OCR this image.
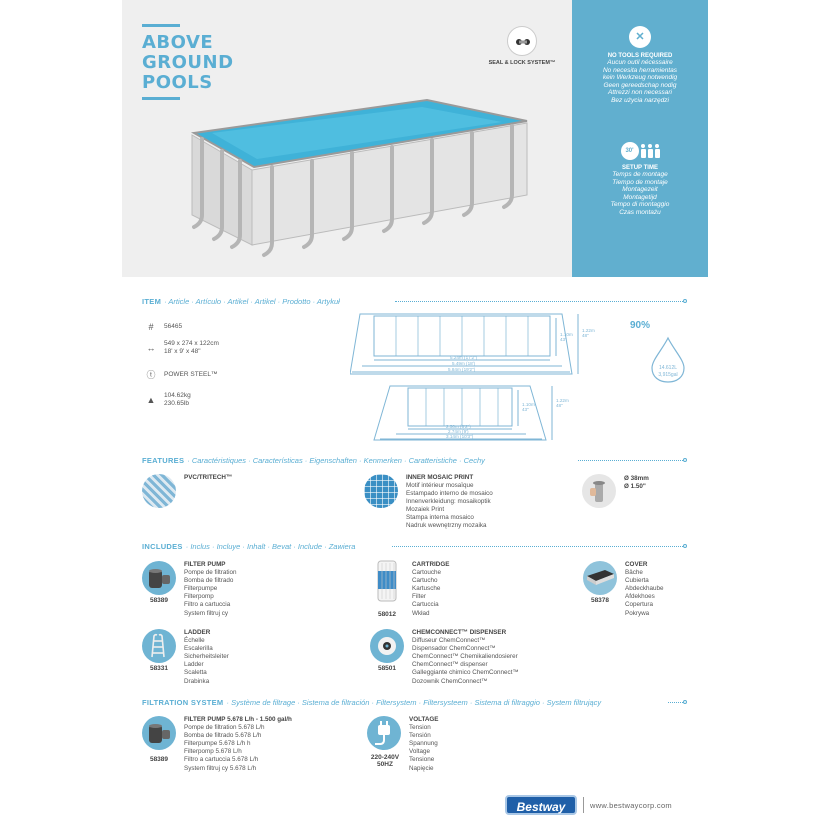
ABOVE
GROUND
POOLS
SEAL & LOCK SYSTEM™
✕
NO TOOLS REQUIRED
Aucun outil nécessaire
No necesita herramientas
kein Werkzeug notwendig
Geen gereedschap nodig
Attrezzi non necessari
Bez użycia narzędzi
30'
SETUP TIME
Temps de montage
Tiempo de montaje
Montagezeit
Montagetijd
Tempo di montaggio
Czas montażu
ITEM · Article · Artículo · Artikel · Artikel · Prodotto · Artykuł
#	56465
↔	549 x 274 x 122cm
18' x 9' x 48"
ⓣ	POWER STEEL™
▲	104.62kg
230.65lb
1.22m 48"
1.10m 43"
5.24m (17'2")
5.49m (18')
5.84m (19'2")
1.22m 48"
1.10m 43"
2.50m (8'2")
2.74m (9')
3.14m (10'3")
90%
14.612L
3,915gal
FEATURES · Caractéristiques · Características · Eigenschaften · Kenmerken · Caratteristiche · Cechy
PVC/TRITECH™	INNER MOSAIC PRINT
Motif intérieur mosaïque
Estampado interno de mosaico
Innenverkleidung: mosaikoptik
Mozaiek Print
Stampa interna mosaico
Nadruk wewnętrzny mozaika
Ø 38mm
Ø 1.50"
INCLUDES · Inclus · Incluye · Inhalt · Bevat · Include · Zawiera
58389
FILTER PUMP
Pompe de filtration
Bomba de filtrado
Filterpumpe
Filterpomp
Filtro a cartuccia
System filtruj cy	58012
CARTRIDGE
Cartouche
Cartucho
Kartusche
Filter
Cartuccia
Wkład
58378
COVER
Bâche
Cubierta
Abdeckhaube
Afdekhoes
Copertura
Pokrywa
58331
LADDER
Échelle
Escalerilla
Sicherheitsleiter
Ladder
Scaletta
Drabinka
58501
CHEMCONNECT™ DISPENSER
Diffuseur ChemConnect™
Dispensador ChemConnect™
ChemConnect™ Chemikaliendosierer
ChemConnect™ dispenser
Galleggiante chimico ChemConnect™
Dozownik ChemConnect™
FILTRATION SYSTEM · Système de filtrage · Sistema de filtración · Filtersystem · Filtersysteem · Sistema di filtraggio · System filtrujący
58389
FILTER PUMP 5.678 L/h - 1.500 gal/h
Pompe de filtration 5.678 L/h
Bomba de filtrado 5.678 L/h
Filterpumpe 5.678 L/h h
Filterpomp 5.678 L/h
Filtro a cartuccia 5.678 L/h
System filtruj cy 5.678 L/h
220-240V
50HZ
VOLTAGE
Tension
Tensión
Spannung
Voltage
Tensione
Napięcie
Bestway	www.bestwaycorp.com
